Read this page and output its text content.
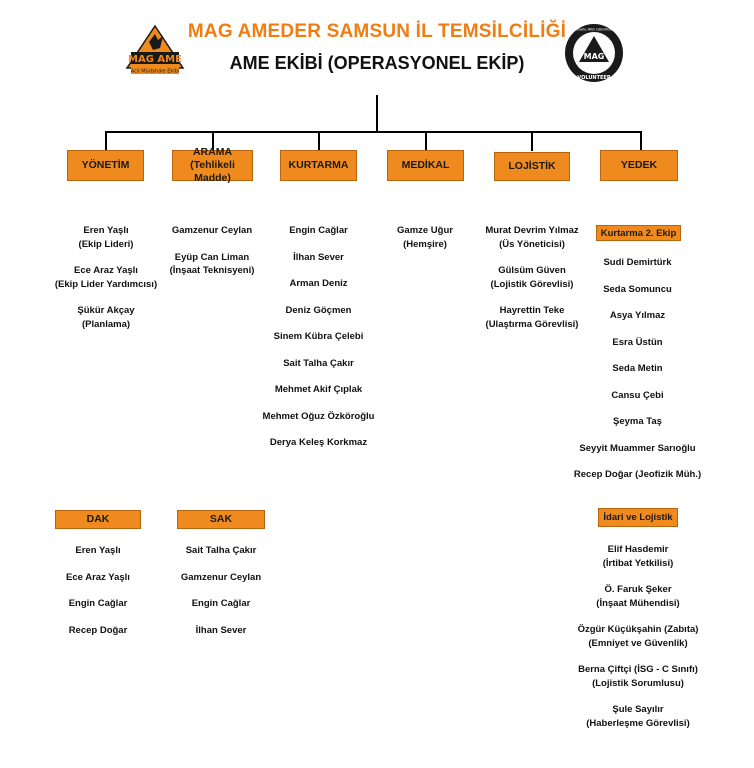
MAG AMEDER SAMSUN İL TEMSİLCİLİĞİ
AME EKİBİ (OPERASYONEL EKİP)
MAG AME
Acil Müdahale Ekibi
MAG
Mahalle Afet Gönüllüleri
VOLUNTEER
YÖNETİM
ARAMA (Tehlikeli Madde)
KURTARMA	MEDİKAL	LOJİSTİK	YEDEK
Eren Yaşlı
(Ekip Lideri)
Ece Araz Yaşlı
(Ekip Lider Yardımcısı)
Şükür Akçay
(Planlama)
Gamzenur Ceylan
Eyüp Can Liman
(İnşaat Teknisyeni)
Engin Cağlar
İlhan Sever
Arman Deniz
Deniz Göçmen
Sinem Kübra Çelebi
Sait Talha Çakır
Mehmet Akif Çıplak
Mehmet Oğuz Özköroğlu
Derya Keleş Korkmaz
Gamze Uğur
(Hemşire)
Murat Devrim Yılmaz
(Üs Yöneticisi)
Gülsüm Güven
(Lojistik Görevlisi)
Hayrettin Teke
(Ulaştırma Görevlisi)
Kurtarma 2. Ekip
Sudi Demirtürk
Seda Somuncu
Asya Yılmaz
Esra Üstün
Seda Metin
Cansu Çebi
Şeyma Taş
Seyyit Muammer Sarıoğlu
Recep Doğar (Jeofizik Müh.)
DAK
Eren Yaşlı
Ece Araz Yaşlı
Engin Cağlar
Recep Doğar
SAK
Sait Talha Çakır
Gamzenur Ceylan
Engin Cağlar
İlhan Sever
İdari ve Lojistik
Elif Hasdemir
(İrtibat Yetkilisi)
Ö. Faruk Şeker
(İnşaat Mühendisi)
Özgür Küçükşahin (Zabıta)
(Emniyet ve Güvenlik)
Berna Çiftçi (İSG - C Sınıfı)
(Lojistik Sorumlusu)
Şule Sayılır
(Haberleşme Görevlisi)
